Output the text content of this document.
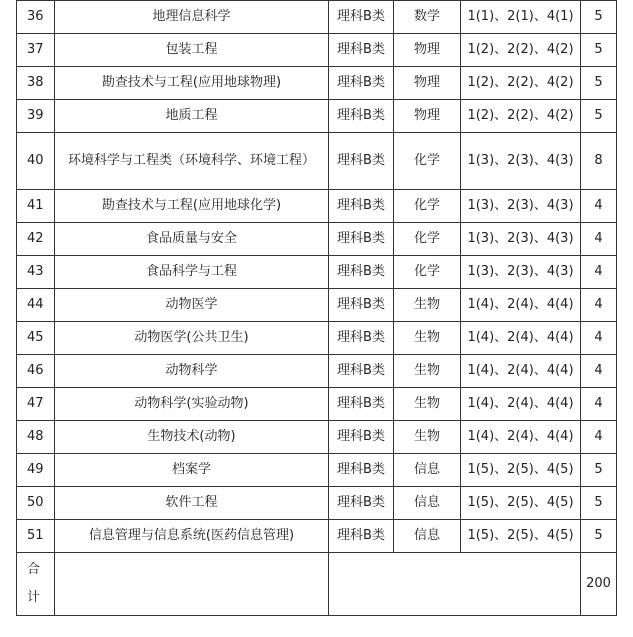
36	地理信息科学	理科B类	数学	1(1)、2(1)、4(1)	5
37	包装工程	理科B类	物理	1(2)、2(2)、4(2)	5
38	勘查技术与工程(应用地球物理)	理科B类	物理	1(2)、2(2)、4(2)	5
39	地质工程	理科B类	物理	1(2)、2(2)、4(2)	5
40	环境科学与工程类（环境科学、环境工程）	理科B类	化学	1(3)、2(3)、4(3)	8
41	勘查技术与工程(应用地球化学)	理科B类	化学	1(3)、2(3)、4(3)	4
42	食品质量与安全	理科B类	化学	1(3)、2(3)、4(3)	4
43	食品科学与工程	理科B类	化学	1(3)、2(3)、4(3)	4
44	动物医学	理科B类	生物	1(4)、2(4)、4(4)	4
45	动物医学(公共卫生)	理科B类	生物	1(4)、2(4)、4(4)	4
46	动物科学	理科B类	生物	1(4)、2(4)、4(4)	4
47	动物科学(实验动物)	理科B类	生物	1(4)、2(4)、4(4)	4
48	生物技术(动物)	理科B类	生物	1(4)、2(4)、4(4)	4
49	档案学	理科B类	信息	1(5)、2(5)、4(5)	5
50	软件工程	理科B类	信息	1(5)、2(5)、4(5)	5
51	信息管理与信息系统(医药信息管理)	理科B类	信息	1(5)、2(5)、4(5)	5
合
计					200
